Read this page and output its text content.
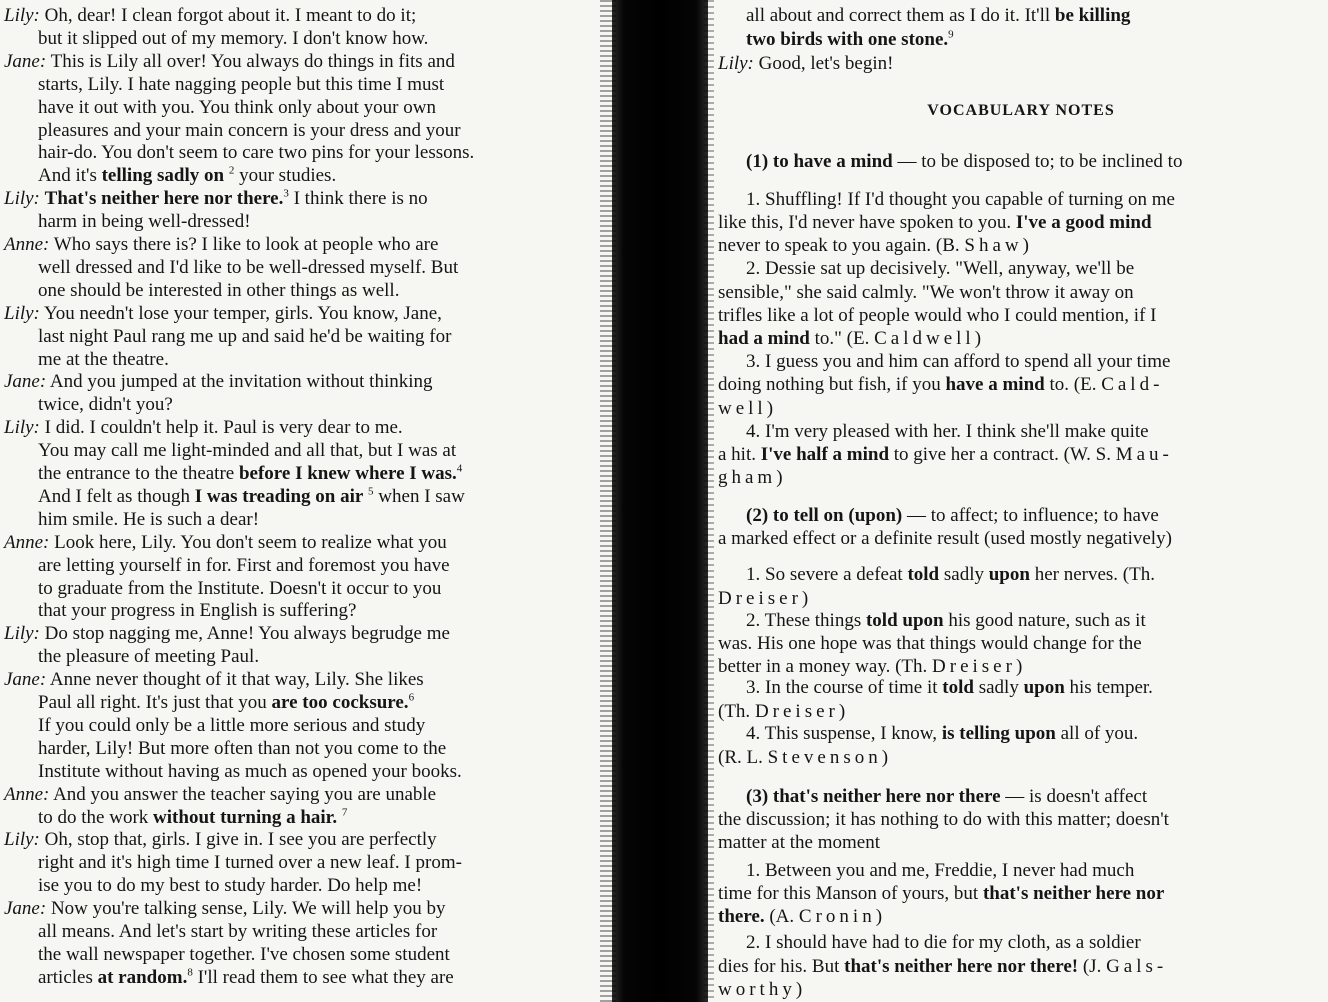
Lily: Oh, dear! I clean forgot about it. I meant to do it;
but it slipped out of my memory. I don't know how.
Jane: This is Lily all over! You always do things in fits and
starts, Lily. I hate nagging people but this time I must
have it out with you. You think only about your own
pleasures and your main concern is your dress and your
hair-do. You don't seem to care two pins for your lessons.
And it's telling sadly on $^2$ your studies.
Lily: That's neither here nor there.$^3$ I think there is no
harm in being well-dressed!
Anne: Who says there is? I like to look at people who are
well dressed and I'd like to be well-dressed myself. But
one should be interested in other things as well.
Lily: You needn't lose your temper, girls. You know, Jane,
last night Paul rang me up and said he'd be waiting for
me at the theatre.
Jane: And you jumped at the invitation without thinking
twice, didn't you?
Lily: I did. I couldn't help it. Paul is very dear to me.
You may call me light-minded and all that, but I was at
the entrance to the theatre before I knew where I was.$^4$
And I felt as though I was treading on air $^5$ when I saw
him smile. He is such a dear!
Anne: Look here, Lily. You don't seem to realize what you
are letting yourself in for. First and foremost you have
to graduate from the Institute. Doesn't it occur to you
that your progress in English is suffering?
Lily: Do stop nagging me, Anne! You always begrudge me
the pleasure of meeting Paul.
Jane: Anne never thought of it that way, Lily. She likes
Paul all right. It's just that you are too cocksure.$^6$
If you could only be a little more serious and study
harder, Lily! But more often than not you come to the
Institute without having as much as opened your books.
Anne: And you answer the teacher saying you are unable
to do the work without turning a hair. $^7$
Lily: Oh, stop that, girls. I give in. I see you are perfectly
right and it's high time I turned over a new leaf. I prom-
ise you to do my best to study harder. Do help me!
Jane: Now you're talking sense, Lily. We will help you by
all means. And let's start by writing these articles for
the wall newspaper together. I've chosen some student
articles at random.$^8$ I'll read them to see what they are
all about and correct them as I do it. It'll be killing
two birds with one stone.$^9$
Lily: Good, let's begin!
VOCABULARY NOTES
(1) to have a mind — to be disposed to; to be inclined to
1. Shuffling! If I'd thought you capable of turning on me
like this, I'd never have spoken to you. I've a good mind
never to speak to you again. (B. Shaw)
2. Dessie sat up decisively. "Well, anyway, we'll be
sensible," she said calmly. "We won't throw it away on
trifles like a lot of people would who I could mention, if I
had a mind to." (E. Caldwell)
3. I guess you and him can afford to spend all your time
doing nothing but fish, if you have a mind to. (E. Cald-
well)
4. I'm very pleased with her. I think she'll make quite
a hit. I've half a mind to give her a contract. (W. S. Mau-
gham)
(2) to tell on (upon) — to affect; to influence; to have
a marked effect or a definite result (used mostly negatively)
1. So severe a defeat told sadly upon her nerves. (Th.
Dreiser)
2. These things told upon his good nature, such as it
was. His one hope was that things would change for the
better in a money way. (Th. Dreiser)
3. In the course of time it told sadly upon his temper.
(Th. Dreiser)
4. This suspense, I know, is telling upon all of you.
(R. L. Stevenson)
(3) that's neither here nor there — is doesn't affect
the discussion; it has nothing to do with this matter; doesn't
matter at the moment
1. Between you and me, Freddie, I never had much
time for this Manson of yours, but that's neither here nor
there. (A. Cronin)
2. I should have had to die for my cloth, as a soldier
dies for his. But that's neither here nor there! (J. Gals-
worthy)
